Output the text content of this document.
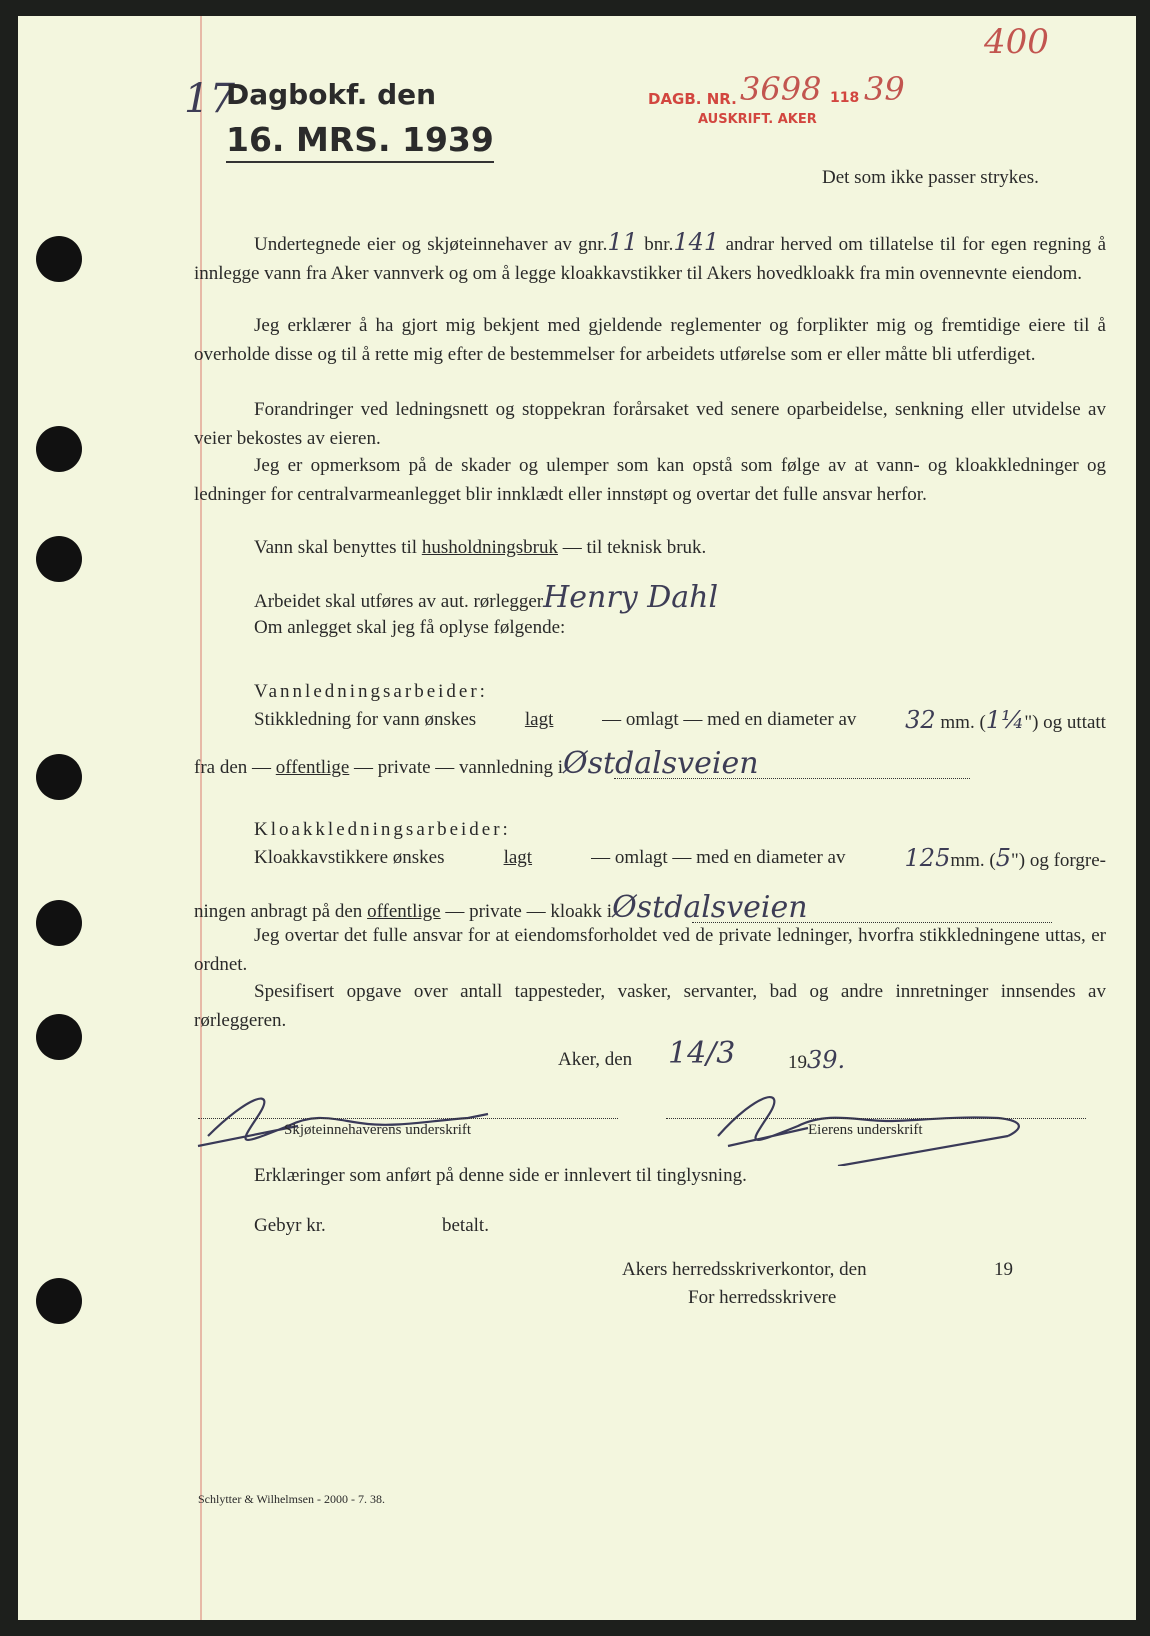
400
17
Dagbokf. den
16. MRS. 1939
DAGB. NR. 3698 118 39
AUSKRIFT. AKER
Det som ikke passer strykes.
Undertegnede eier og skjøteinnehaver av gnr.11 bnr.141 andrar herved om tillatelse til for egen regning å innlegge vann fra Aker vannverk og om å legge kloakkavstikker til Akers hovedkloakk fra min ovennevnte eiendom.
Jeg erklærer å ha gjort mig bekjent med gjeldende reglementer og forplikter mig og fremtidige eiere til å overholde disse og til å rette mig efter de bestemmelser for arbeidets utførelse som er eller måtte bli utferdiget.
Forandringer ved ledningsnett og stoppekran forårsaket ved senere oparbeidelse, senkning eller utvidelse av veier bekostes av eieren.
Jeg er opmerksom på de skader og ulemper som kan opstå som følge av at vann- og kloakkledninger og ledninger for centralvarmeanlegget blir innklædt eller innstøpt og overtar det fulle ansvar herfor.
Vann skal benyttes til husholdningsbruk — til teknisk bruk.
Arbeidet skal utføres av aut. rørleggerHenry Dahl
Om anlegget skal jeg få oplyse følgende:
Vannledningsarbeider:
Stikkledning for vann ønskes	lagt	— omlagt — med en diameter av 32 mm. (1¼") og uttatt
fra den — offentlige — private — vannledning iØstdalsveien
Kloakkledningsarbeider:
Kloakkavstikkere ønskes	lagt	— omlagt — med en diameter av 125mm. (5") og forgre-
ningen anbragt på den offentlige — private — kloakk iØstdalsveien
Jeg overtar det fulle ansvar for at eiendomsforholdet ved de private ledninger, hvorfra stikkledningene uttas, er ordnet.
Spesifisert opgave over antall tappesteder, vasker, servanter, bad og andre innretninger innsendes av rørleggeren.
Aker, den 14/3	1939.
Skjøteinnehaverens underskrift	Eierens underskrift
Erklæringer som anført på denne side er innlevert til tinglysning.
Gebyr kr.	betalt.
Akers herredsskriverkontor, den	19
For herredsskrivere
Schlytter & Wilhelmsen - 2000 - 7. 38.
